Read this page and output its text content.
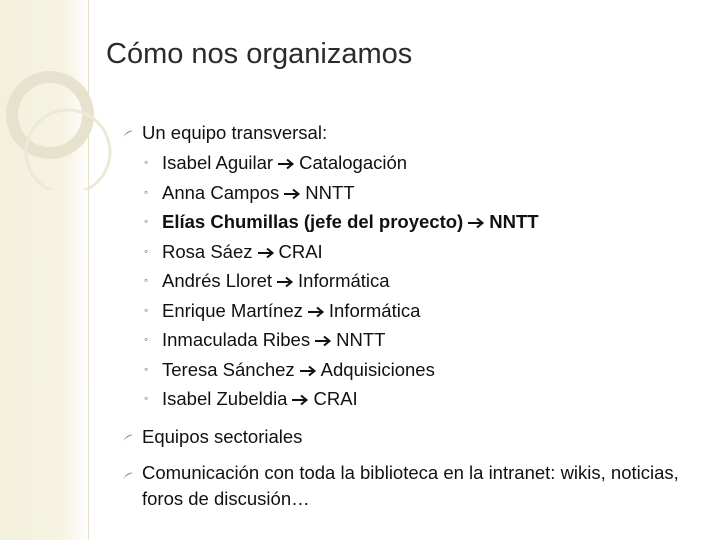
Cómo nos organizamos
Un equipo transversal:
◦ Isabel Aguilar Catalogación
◦ Anna Campos NNTT
◦ Elías Chumillas (jefe del proyecto) NNTT
◦ Rosa Sáez CRAI
◦ Andrés Lloret Informática
◦ Enrique Martínez Informática
◦ Inmaculada Ribes NNTT
◦ Teresa Sánchez Adquisiciones
◦ Isabel Zubeldia CRAI
Equipos sectoriales
Comunicación con toda la biblioteca en la intranet: wikis, noticias, foros de discusión…
